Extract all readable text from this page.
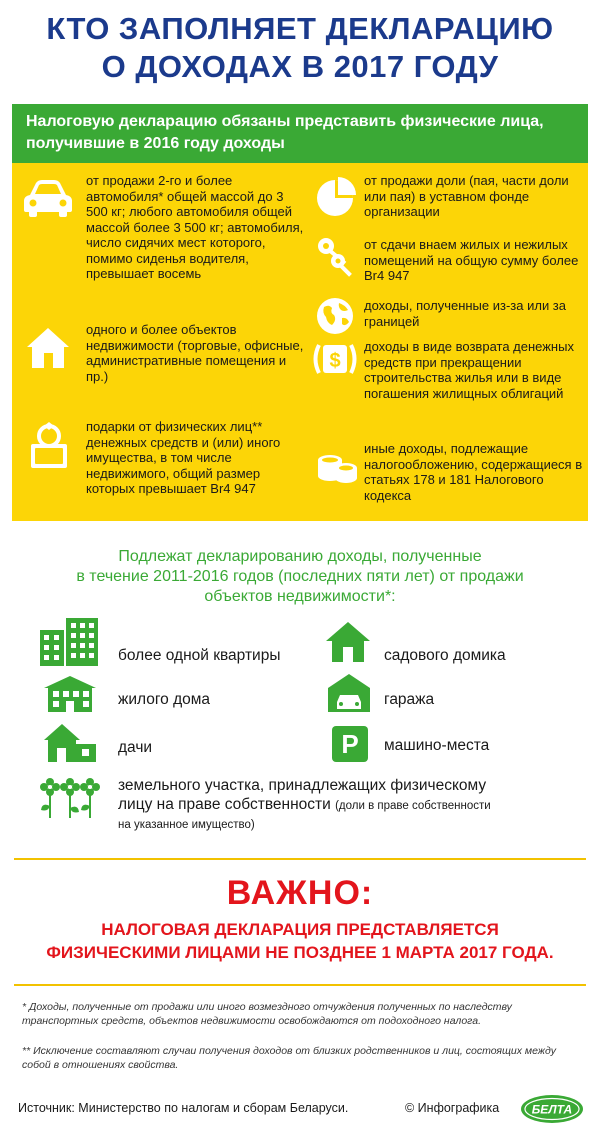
КТО ЗАПОЛНЯЕТ ДЕКЛАРАЦИЮ
О ДОХОДАХ В 2017 ГОДУ
Налоговую декларацию обязаны представить физические лица, получившие в 2016 году доходы
от продажи 2-го и более автомобиля* общей массой до 3 500 кг; любого автомобиля общей массой более 3 500 кг; автомобиля, число сидячих мест которого, помимо сиденья водителя, превышает восемь
одного и более объектов недвижимости (торговые, офисные, административные помещения и пр.)
подарки от физических лиц** денежных средств и (или) иного имущества, в том числе недвижимого, общий размер которых превышает Br4 947
от продажи доли (пая, части доли или пая) в уставном фонде организации
от сдачи внаем жилых и нежилых помещений на общую сумму более Br4 947
доходы, полученные из-за или за границей
$
доходы в виде возврата денежных средств при прекращении строительства жилья или в виде погашения жилищных облигаций
иные доходы, подлежащие налогообложению, содержащиеся в статьях 178 и 181 Налогового кодекса
Подлежат декларированию доходы, полученные
в течение 2011-2016 годов (последних пяти лет) от продажи
объектов недвижимости*:
более одной квартиры	садового домика
жилого дома	гаража
дачи	P	машино-места
земельного участка, принадлежащих физическому
лицу на праве собственности (доли в праве собственности
на указанное имущество)
ВАЖНО:
НАЛОГОВАЯ ДЕКЛАРАЦИЯ ПРЕДСТАВЛЯЕТСЯ
ФИЗИЧЕСКИМИ ЛИЦАМИ НЕ ПОЗДНЕЕ 1 МАРТА 2017 ГОДА.
* Доходы, полученные от продажи или иного возмездного отчуждения полученных по наследству транспортных средств, объектов недвижимости освобождаются от подоходного налога.
** Исключение составляют случаи получения доходов от близких родственников и лиц, состоящих между собой в отношениях свойства.
Источник: Министерство по налогам и сборам Беларуси.	© Инфографика	БЕЛТА
